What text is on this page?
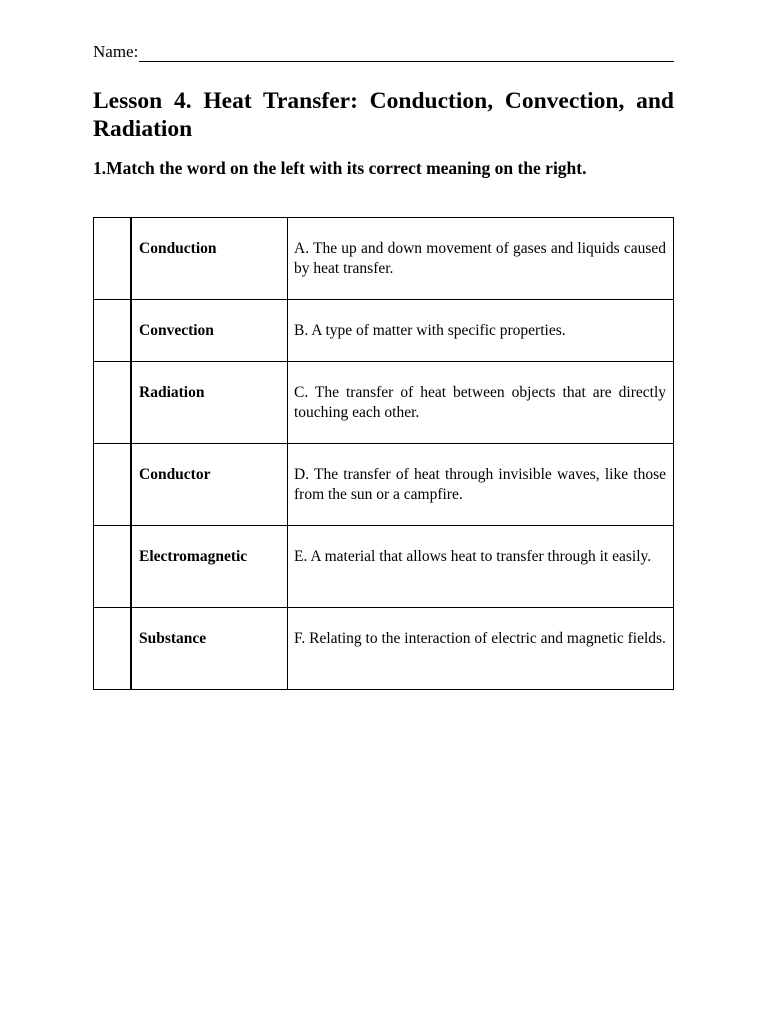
Name:
Lesson 4. Heat Transfer: Conduction, Convection, and Radiation

1.Match the word on the left with its correct meaning on the right.

	Conduction	A. The up and down movement of gases and liquids caused by heat transfer.

	Convection	B. A type of matter with specific properties.

	Radiation	C. The transfer of heat between objects that are directly touching each other.

	Conductor	D. The transfer of heat through invisible waves, like those from the sun or a campfire.

	Electromagnetic	E. A material that allows heat to transfer through it easily.

	Substance	F. Relating to the interaction of electric and magnetic fields.
